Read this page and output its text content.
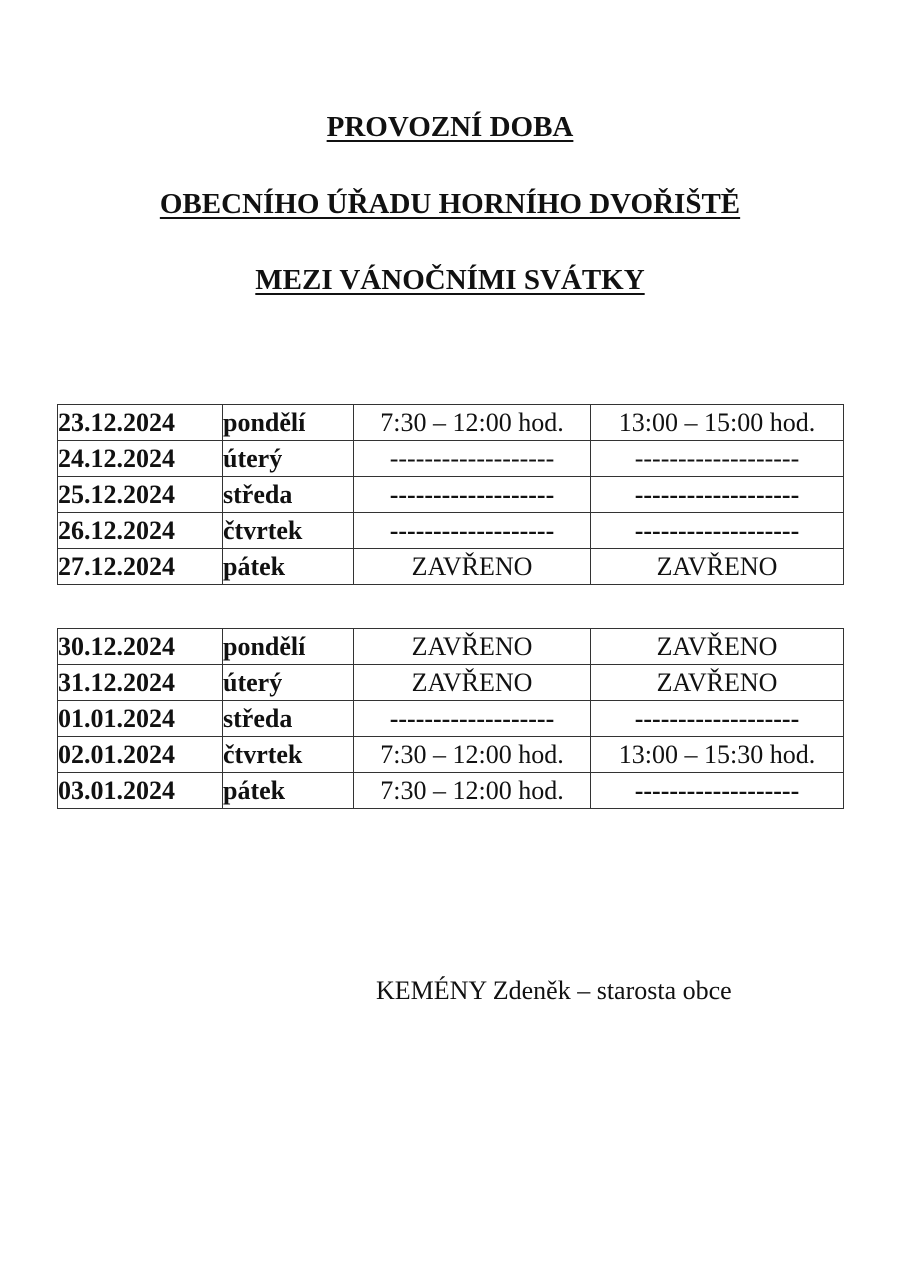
PROVOZNÍ DOBA
OBECNÍHO ÚŘADU HORNÍHO DVOŘIŠTĚ
MEZI VÁNOČNÍMI SVÁTKY
23.12.2024	pondělí	7:30 – 12:00 hod.	13:00 – 15:00 hod.
24.12.2024	úterý	-------------------	-------------------
25.12.2024	středa	-------------------	-------------------
26.12.2024	čtvrtek	-------------------	-------------------
27.12.2024	pátek	ZAVŘENO	ZAVŘENO
30.12.2024	pondělí	ZAVŘENO	ZAVŘENO
31.12.2024	úterý	ZAVŘENO	ZAVŘENO
01.01.2024	středa	-------------------	-------------------
02.01.2024	čtvrtek	7:30 – 12:00 hod.	13:00 – 15:30 hod.
03.01.2024	pátek	7:30 – 12:00 hod.	-------------------
KEMÉNY Zdeněk – starosta obce
